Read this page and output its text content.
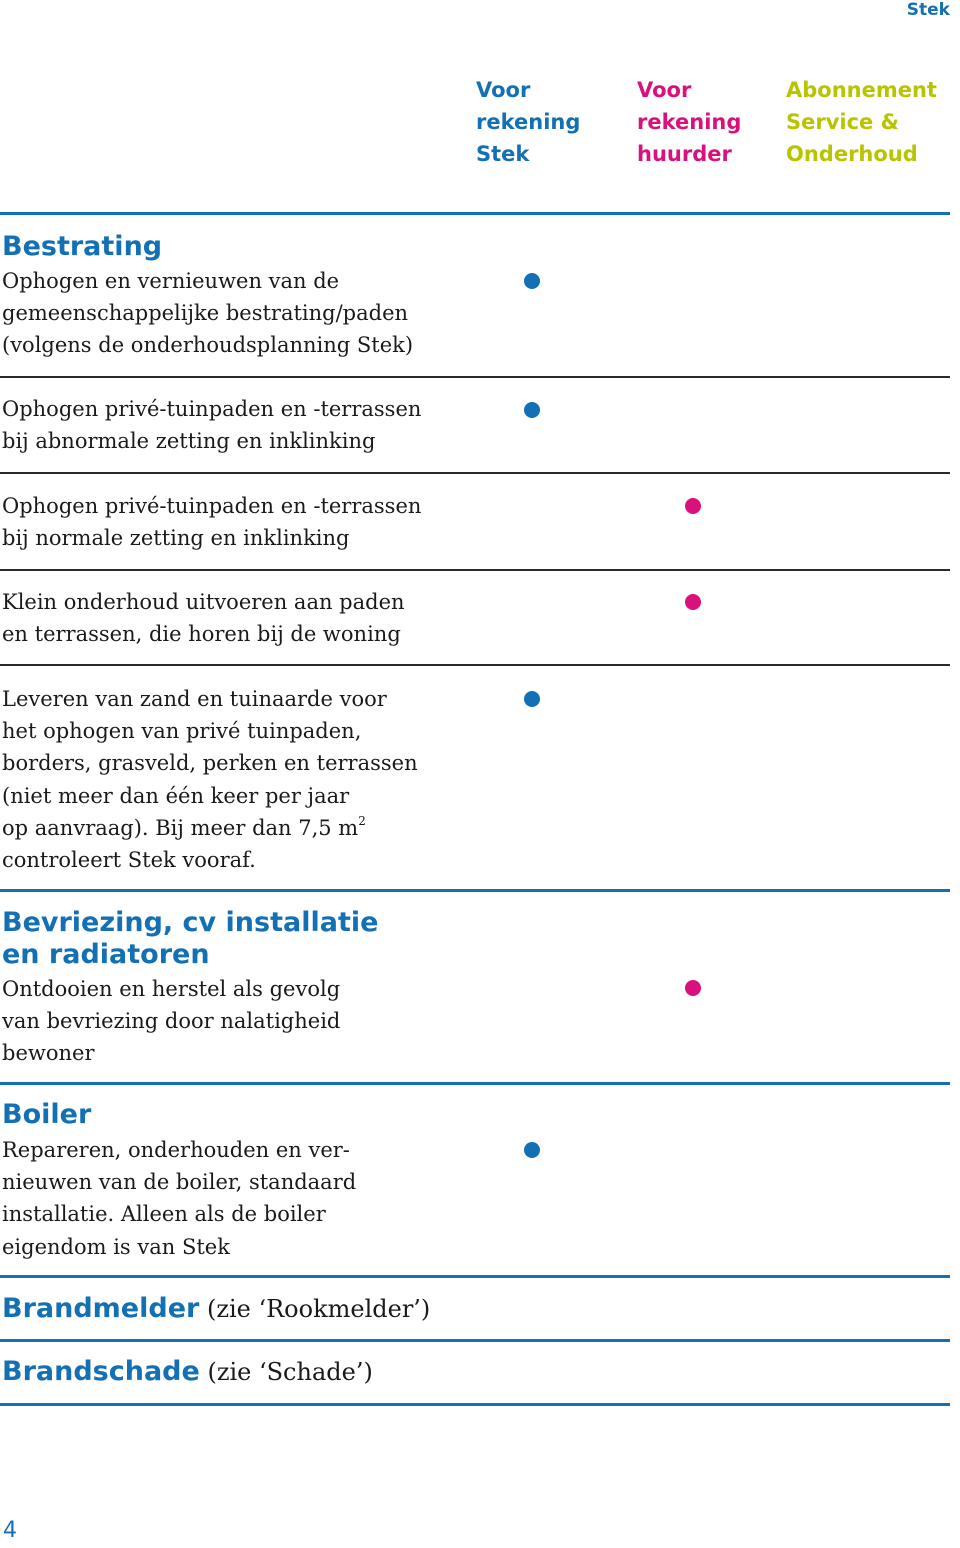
Stek
Voor
rekening
Stek
Voor
rekening
huurder
Abonnement
Service &
Onderhoud
Bestrating
Ophogen en vernieuwen van de
gemeenschappelijke bestrating/paden
(volgens de onderhoudsplanning Stek)
Ophogen privé-tuinpaden en -terrassen
bij abnormale zetting en inklinking
Ophogen privé-tuinpaden en -terrassen
bij normale zetting en inklinking
Klein onderhoud uitvoeren aan paden
en terrassen, die horen bij de woning
Leveren van zand en tuinaarde voor
het ophogen van privé tuinpaden,
borders, grasveld, perken en terrassen
(niet meer dan één keer per jaar
op aanvraag). Bij meer dan 7,5 $m^2$
controleert Stek vooraf.
Bevriezing, cv installatie
en radiatoren
Ontdooien en herstel als gevolg
van bevriezing door nalatigheid
bewoner
Boiler
Repareren, onderhouden en ver-
nieuwen van de boiler, standaard
installatie. Alleen als de boiler
eigendom is van Stek
Brandmelder (zie ‘Rookmelder’)
Brandschade (zie ‘Schade’)
4
